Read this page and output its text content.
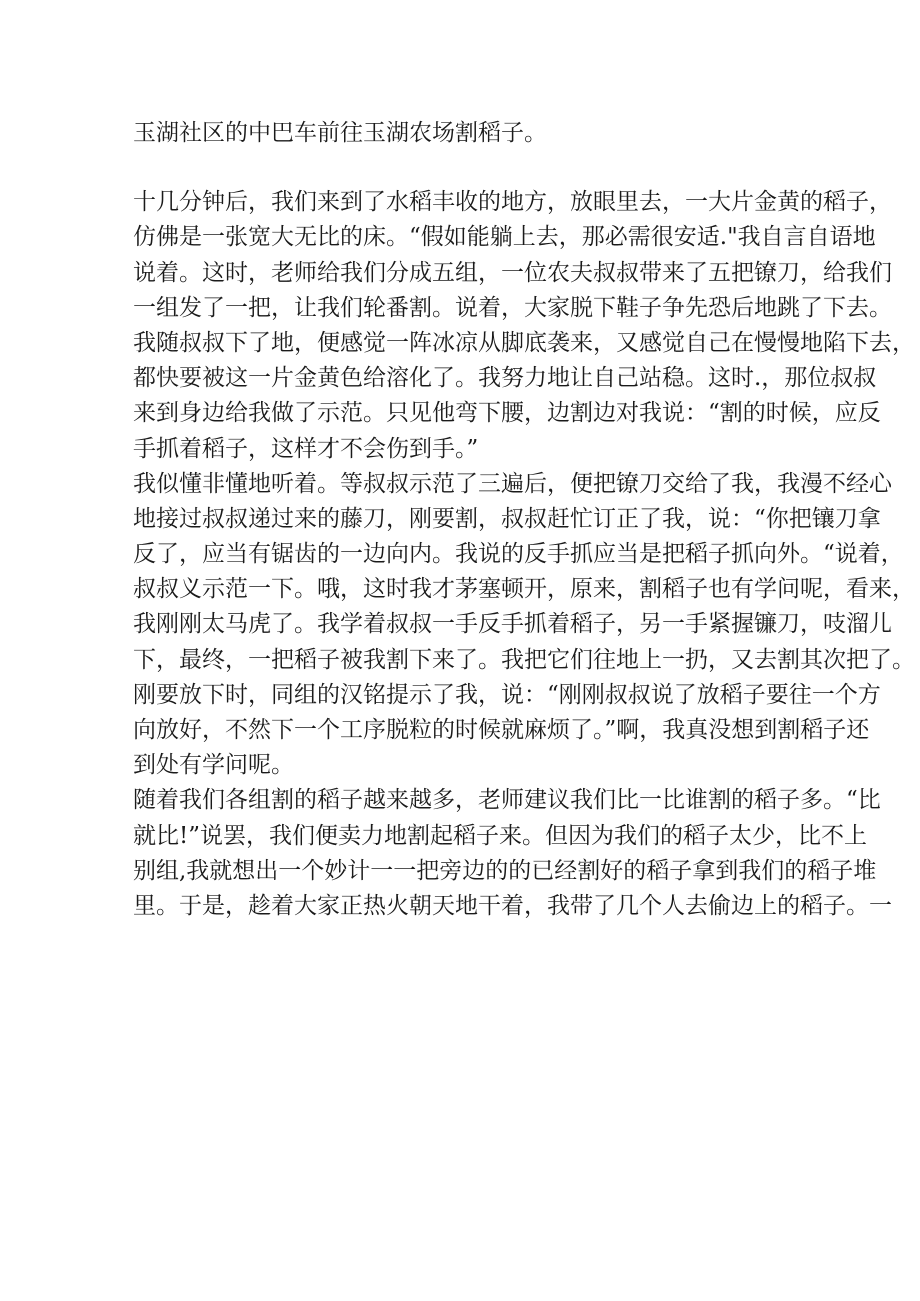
玉湖社区的中巴车前往玉湖农场割稻子。
十几分钟后，我们来到了水稻丰收的地方，放眼里去，一大片金黄的稻子，
仿佛是一张宽大无比的床。“假如能躺上去，那必需很安适."我自言自语地
说着。这时，老师给我们分成五组，一位农夫叔叔带来了五把镣刀，给我们
一组发了一把，让我们轮番割。说着，大家脱下鞋子争先恐后地跳了下去。
我随叔叔下了地，便感觉一阵冰凉从脚底袭来，又感觉自己在慢慢地陷下去，
都快要被这一片金黄色给溶化了。我努力地让自己站稳。这时.，那位叔叔
来到身边给我做了示范。只见他弯下腰，边割边对我说：“割的时候，应反
手抓着稻子，这样才不会伤到手。”
我似懂非懂地听着。等叔叔示范了三遍后，便把镣刀交给了我，我漫不经心
地接过叔叔递过来的藤刀，刚要割，叔叔赶忙订正了我，说：“你把镶刀拿
反了，应当有锯齿的一边向内。我说的反手抓应当是把稻子抓向外。“说着，
叔叔义示范一下。哦，这时我才茅塞顿开，原来，割稻子也有学问呢，看来，
我刚刚太马虎了。我学着叔叔一手反手抓着稻子，另一手紧握镰刀，吱溜儿
下，最终，一把稻子被我割下来了。我把它们往地上一扔，又去割其次把了。
刚要放下时，同组的汉铭提示了我，说：“刚刚叔叔说了放稻子要往一个方
向放好，不然下一个工序脱粒的时候就麻烦了。”啊，我真没想到割稻子还
到处有学问呢。
随着我们各组割的稻子越来越多，老师建议我们比一比谁割的稻子多。“比
就比!”说罢，我们便卖力地割起稻子来。但因为我们的稻子太少，比不上
别组,我就想出一个妙计一一把旁边的的已经割好的稻子拿到我们的稻子堆
里。于是，趁着大家正热火朝天地干着，我带了几个人去偷边上的稻子。一
